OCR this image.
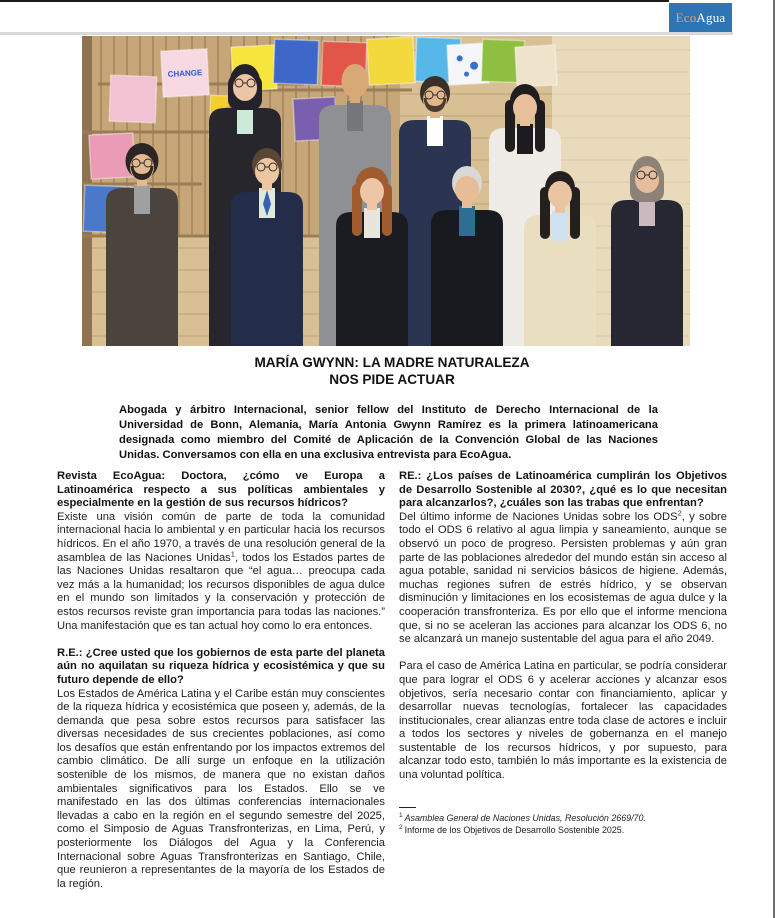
Eco Agua
CHANGE
MARÍA GWYNN: LA MADRE NATURALEZA
NOS PIDE ACTUAR

Abogada y árbitro Internacional, senior fellow del Instituto de Derecho Internacional de la Universidad de Bonn, Alemania, María Antonia Gwynn Ramírez es la primera latinoamericana designada como miembro del Comité de Aplicación de la Convención Global de las Naciones Unidas. Conversamos con ella en una exclusiva entrevista para EcoAgua.

Revista EcoAgua: Doctora, ¿cómo ve Europa a Latinoamérica respecto a sus políticas ambientales y especialmente en la gestión de sus recursos hídricos?

Existe una visión común de parte de toda la comunidad internacional hacia lo ambiental y en particular hacia los recursos hídricos. En el año 1970, a través de una resolución general de la asamblea de las Naciones Unidas$^1$, todos los Estados partes de las Naciones Unidas resaltaron que “el agua… preocupa cada vez más a la humanidad; los recursos disponibles de agua dulce en el mundo son limitados y la conservación y protección de estos recursos reviste gran importancia para todas las naciones.” Una manifestación que es tan actual hoy como lo era entonces.

R.E.: ¿Cree usted que los gobiernos de esta parte del planeta aún no aquilatan su riqueza hídrica y ecosistémica y que su futuro depende de ello?

Los Estados de América Latina y el Caribe están muy conscientes de la riqueza hídrica y ecosistémica que poseen y, además, de la demanda que pesa sobre estos recursos para satisfacer las diversas necesidades de sus crecientes poblaciones, así como los desafíos que están enfrentando por los impactos extremos del cambio climático. De allí surge un enfoque en la utilización sostenible de los mismos, de manera que no existan daños ambientales significativos para los Estados. Ello se ve manifestado en las dos últimas conferencias internacionales llevadas a cabo en la región en el segundo semestre del 2025, como el Simposio de Aguas Transfronterizas, en Lima, Perú, y posteriormente los Diálogos del Agua y la Conferencia Internacional sobre Aguas Transfronterizas en Santiago, Chile, que reunieron a representantes de la mayoría de los Estados de la región.

RE.: ¿Los países de Latinoamérica cumplirán los Objetivos de Desarrollo Sostenible al 2030?, ¿qué es lo que necesitan para alcanzarlos?, ¿cuáles son las trabas que enfrentan?

Del último informe de Naciones Unidas sobre los ODS$^2$, y sobre todo el ODS 6 relativo al agua limpia y saneamiento, aunque se observó un poco de progreso. Persisten problemas y aún gran parte de las poblaciones alrededor del mundo están sin acceso al agua potable, sanidad ni servicios básicos de higiene. Además, muchas regiones sufren de estrés hídrico, y se observan disminución y limitaciones en los ecosistemas de agua dulce y la cooperación transfronteriza. Es por ello que el informe menciona que, si no se aceleran las acciones para alcanzar los ODS 6, no se alcanzará un manejo sustentable del agua para el año 2049.

Para el caso de América Latina en particular, se podría considerar que para lograr el ODS 6 y acelerar acciones y alcanzar esos objetivos, sería necesario contar con financiamiento, aplicar y desarrollar nuevas tecnologías, fortalecer las capacidades institucionales, crear alianzas entre toda clase de actores e incluir a todos los sectores y niveles de gobernanza en el manejo sustentable de los recursos hídricos, y por supuesto, para alcanzar todo esto, también lo más importante es la existencia de una voluntad política.

$^1$ Asamblea General de Naciones Unidas, Resolución 2669/70.
$^2$ Informe de los Objetivos de Desarrollo Sostenible 2025.
